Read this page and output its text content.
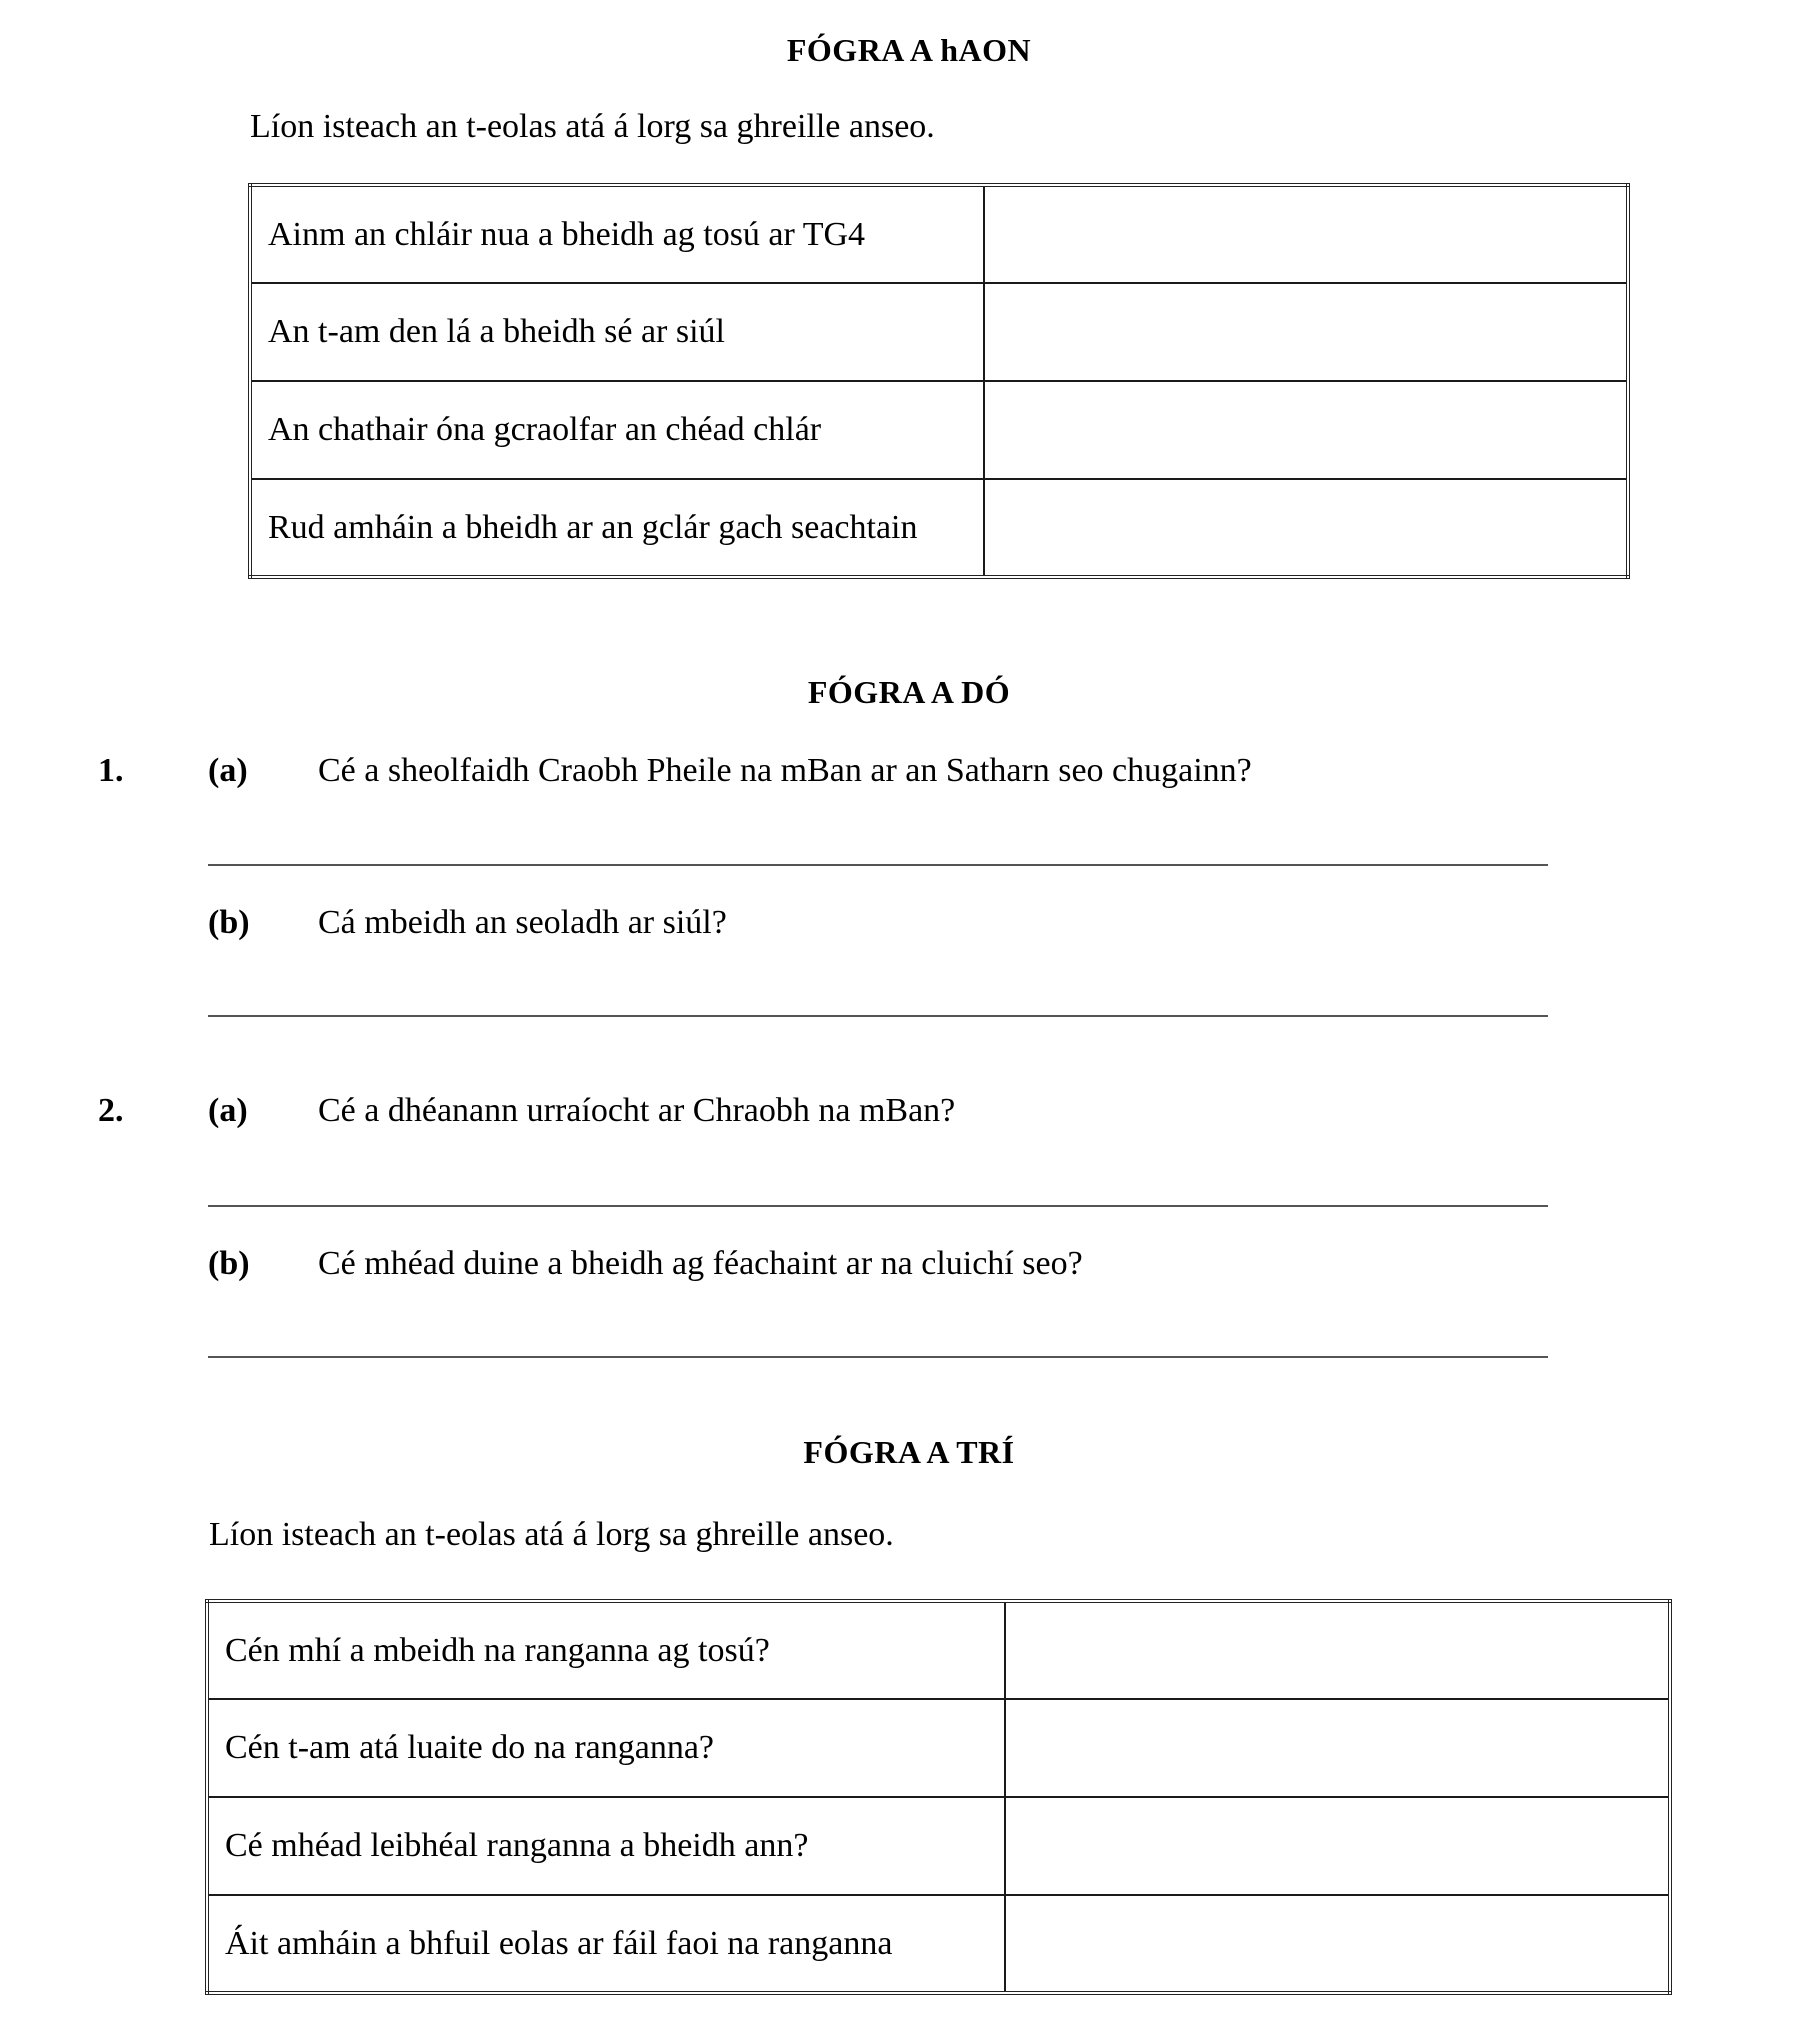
FÓGRA A hAON
Líon isteach an t-eolas atá á lorg sa ghreille anseo.
Ainm an chláir nua a bheidh ag tosú ar TG4	
An t-am den lá a bheidh sé ar siúl	
An chathair óna gcraolfar an chéad chlár	
Rud amháin a bheidh ar an gclár gach seachtain	
FÓGRA A DÓ
1. (a) Cé a sheolfaidh Craobh Pheile na mBan ar an Satharn seo chugainn?
(b) Cá mbeidh an seoladh ar siúl?
2. (a) Cé a dhéanann urraíocht ar Chraobh na mBan?
(b) Cé mhéad duine a bheidh ag féachaint ar na cluichí seo?
FÓGRA A TRÍ
Líon isteach an t-eolas atá á lorg sa ghreille anseo.
Cén mhí a mbeidh na ranganna ag tosú?	
Cén t-am atá luaite do na ranganna?	
Cé mhéad leibhéal ranganna a bheidh ann?	
Áit amháin a bhfuil eolas ar fáil faoi na ranganna	
